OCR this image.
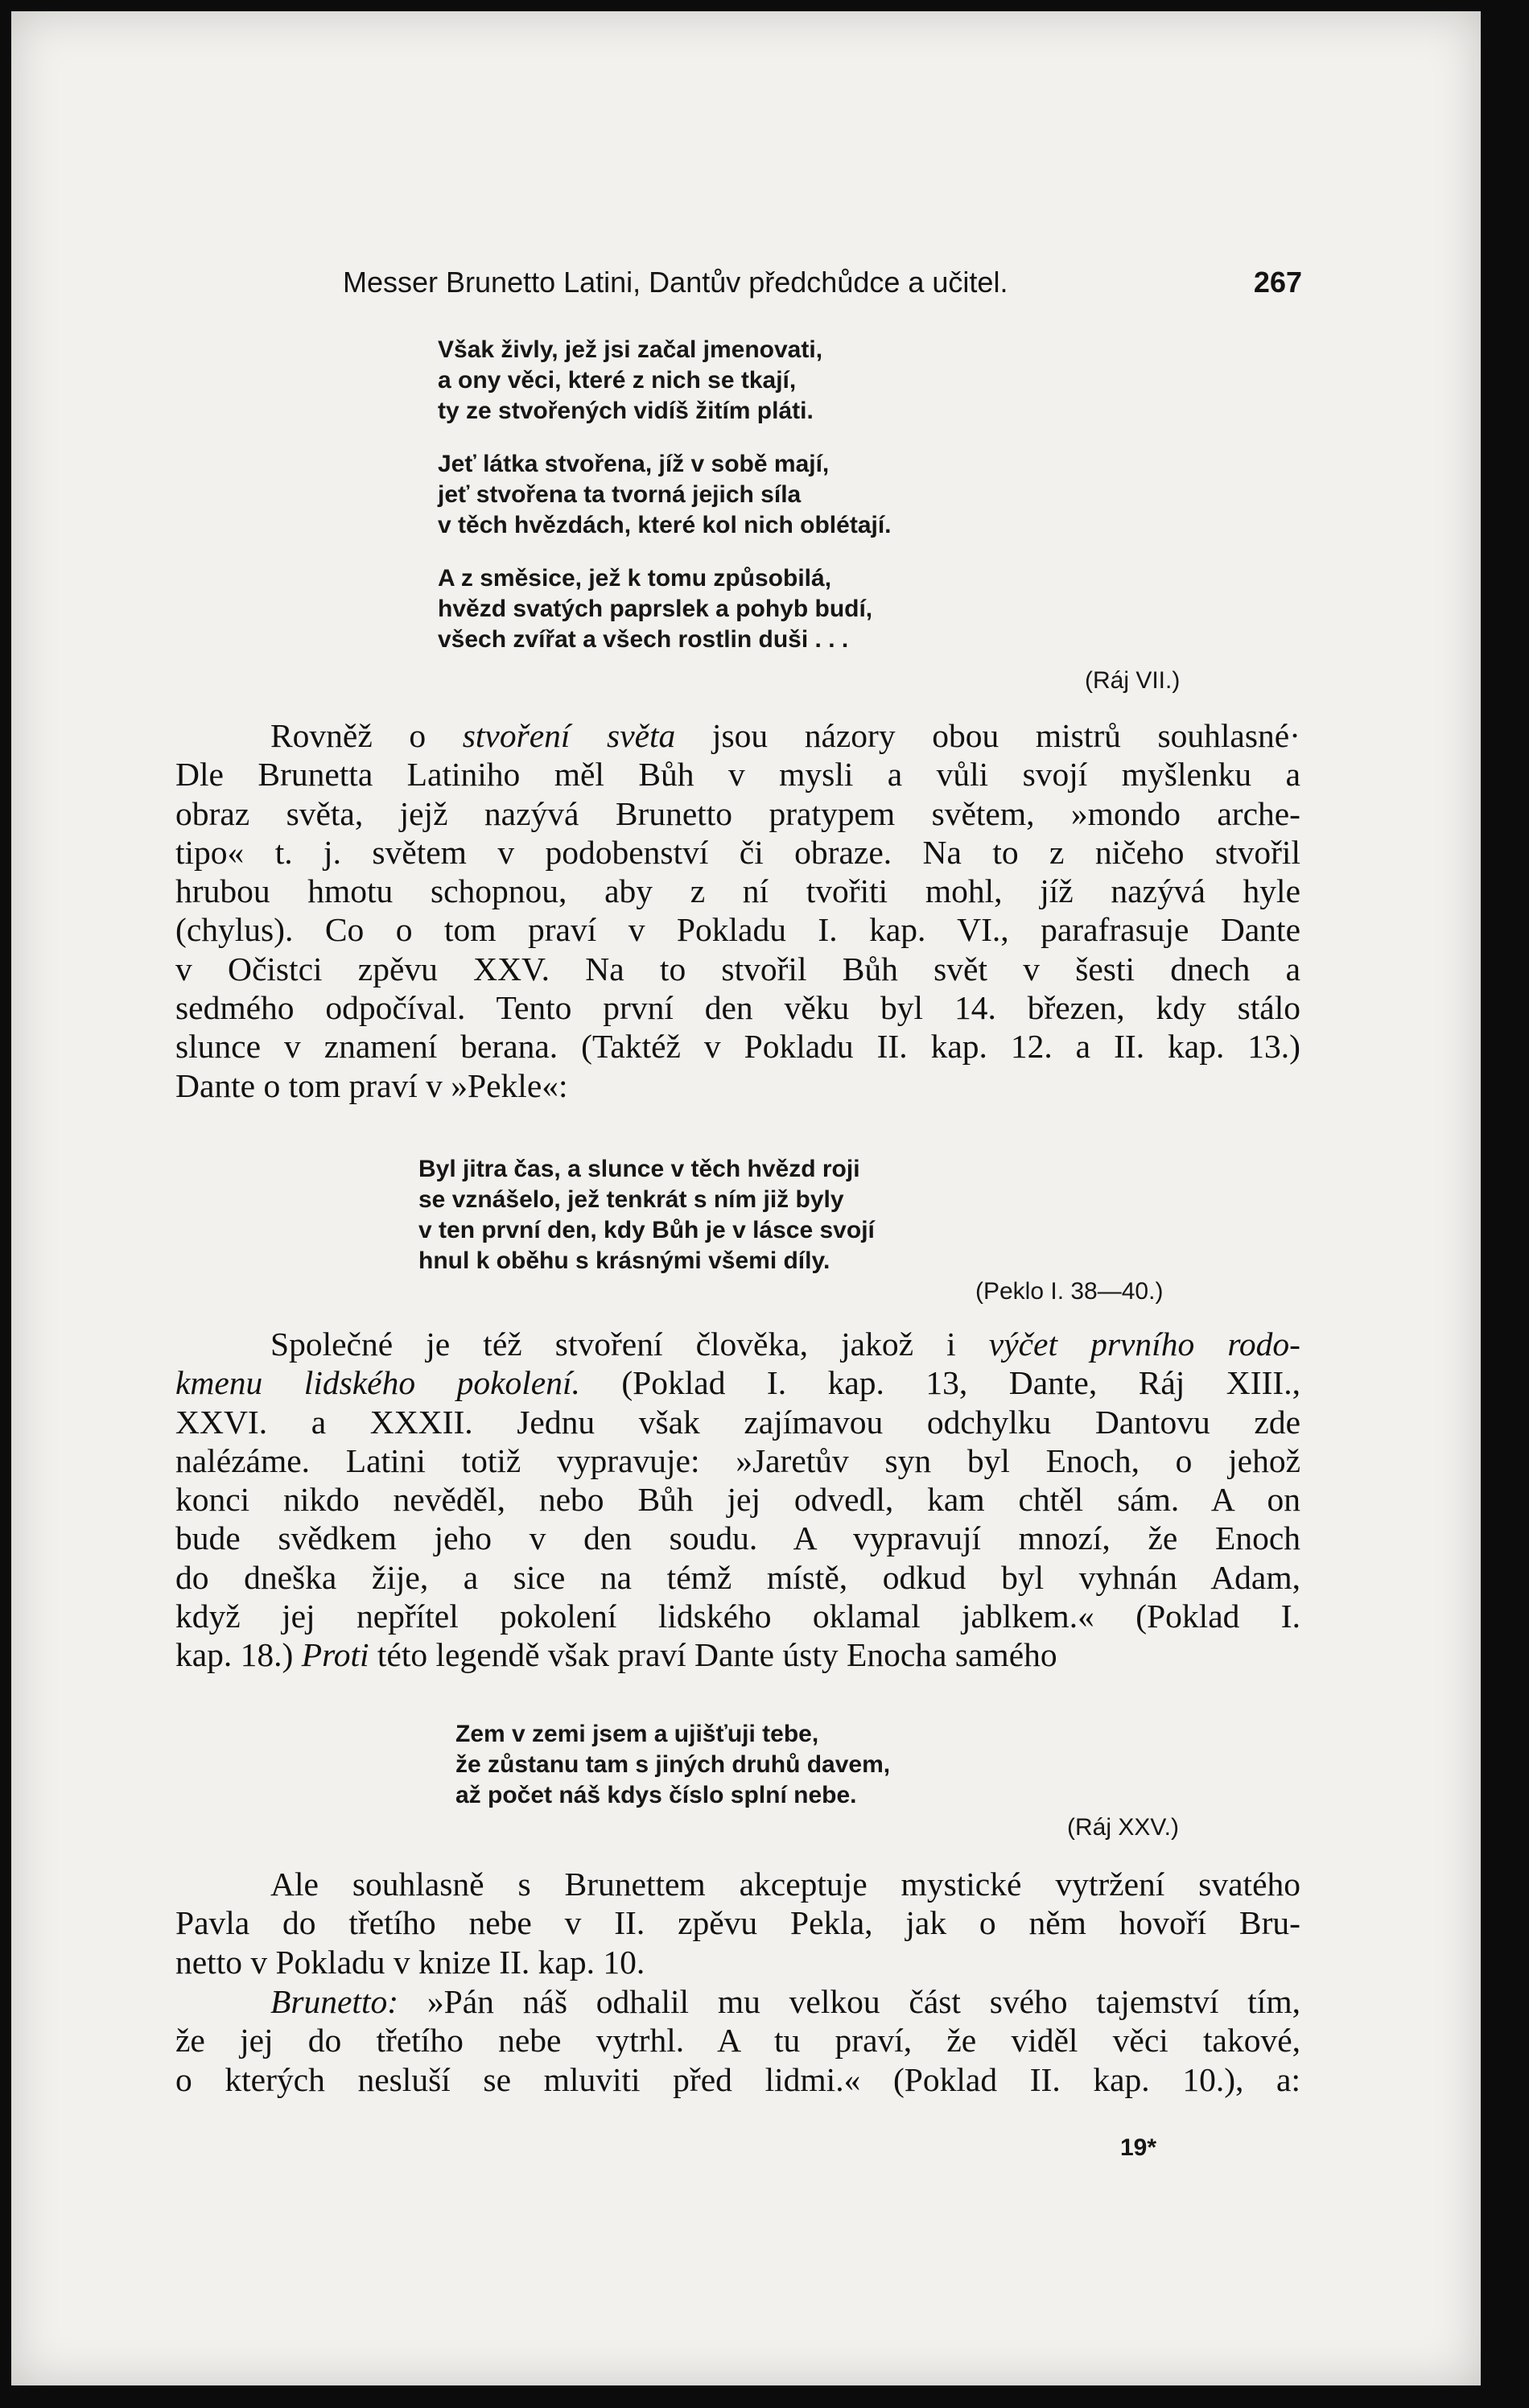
Messer Brunetto Latini, Dantův předchůdce a učitel.	267
Však živly, jež jsi začal jmenovati,
a ony věci, které z nich se tkají,
ty ze stvořených vidíš žitím pláti.
Jeť látka stvořena, jíž v sobě mají,
jeť stvořena ta tvorná jejich síla
v těch hvězdách, které kol nich oblétají.
A z směsice, jež k tomu způsobilá,
hvězd svatých paprslek a pohyb budí,
všech zvířat a všech rostlin duši . . .
(Ráj VII.)
Rovněž o stvoření světa jsou názory obou mistrů souhlasné·
Dle Brunetta Latiniho měl Bůh v mysli a vůli svojí myšlenku a
obraz světa, jejž nazývá Brunetto pratypem světem, »mondo arche-
tipo« t. j. světem v podobenství či obraze. Na to z ničeho stvořil
hrubou hmotu schopnou, aby z ní tvořiti mohl, jíž nazývá hyle
(chylus). Co o tom praví v Pokladu I. kap. VI., parafrasuje Dante
v Očistci zpěvu XXV. Na to stvořil Bůh svět v šesti dnech a
sedmého odpočíval. Tento první den věku byl 14. březen, kdy stálo
slunce v znamení berana. (Taktéž v Pokladu II. kap. 12. a II. kap. 13.)
Dante o tom praví v »Pekle«:
Byl jitra čas, a slunce v těch hvězd roji
se vznášelo, jež tenkrát s ním již byly
v ten první den, kdy Bůh je v lásce svojí
hnul k oběhu s krásnými všemi díly.
(Peklo I. 38—40.)
Společné je též stvoření člověka, jakož i výčet prvního rodo-
kmenu lidského pokolení. (Poklad I. kap. 13, Dante, Ráj XIII.,
XXVI. a XXXII. Jednu však zajímavou odchylku Dantovu zde
nalézáme. Latini totiž vypravuje: »Jaretův syn byl Enoch, o jehož
konci nikdo nevěděl, nebo Bůh jej odvedl, kam chtěl sám. A on
bude svědkem jeho v den soudu. A vypravují mnozí, že Enoch
do dneška žije, a sice na témž místě, odkud byl vyhnán Adam,
když jej nepřítel pokolení lidského oklamal jablkem.« (Poklad I.
kap. 18.) Proti této legendě však praví Dante ústy Enocha samého
Zem v zemi jsem a ujišťuji tebe,
že zůstanu tam s jiných druhů davem,
až počet náš kdys číslo splní nebe.
(Ráj XXV.)
Ale souhlasně s Brunettem akceptuje mystické vytržení svatého
Pavla do třetího nebe v II. zpěvu Pekla, jak o něm hovoří Bru-
netto v Pokladu v knize II. kap. 10.
Brunetto: »Pán náš odhalil mu velkou část svého tajemství tím,
že jej do třetího nebe vytrhl. A tu praví, že viděl věci takové,
o kterých nesluší se mluviti před lidmi.« (Poklad II. kap. 10.), a:
19*
